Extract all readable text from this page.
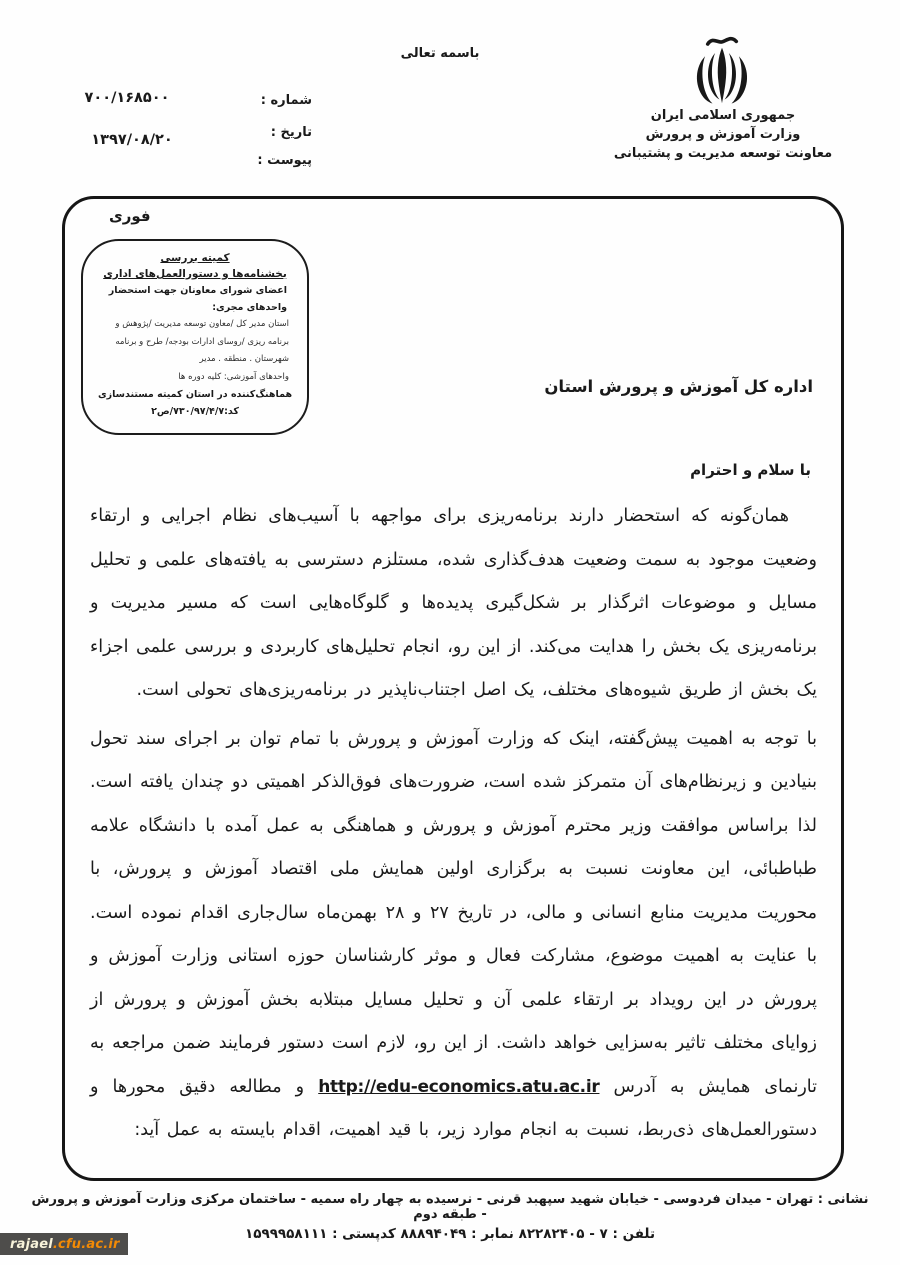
باسمه تعالی
جمهوری اسلامی ایران
وزارت آموزش و پرورش
معاونت توسعه مدیریت و پشتیبانی
شماره :
تاریخ :
پیوست :
۷۰۰/۱۶۸۵۰۰
۱۳۹۷/۰۸/۲۰
فوری
کمیته بررسی
بخشنامه‌ها و دستورالعمل‌های اداری
اعضای شورای معاونان جهت استحضار
واحدهای مجری:
استان مدیر کل /معاون توسعه مدیریت /پژوهش و
برنامه ریزی /روسای ادارات بودجه/ طرح و برنامه
شهرستان . منطقه . مدیر
واحدهای آموزشی: کلیه دوره ها
هماهنگ‌کننده در استان کمیته مستندسازی
کد:۷۳۰/۹۷/۴/۷/ص۲
اداره کل آموزش و پرورش استان
با سلام و احترام

همان‌گونه که استحضار دارند برنامه‌ریزی برای مواجهه با آسیب‌های نظام اجرایی و ارتقاء وضعیت موجود به سمت وضعیت هدف‌گذاری شده، مستلزم دسترسی به یافته‌های علمی و تحلیل مسایل و موضوعات اثرگذار بر شکل‌گیری پدیده‌ها و گلوگاه‌هایی است که مسیر مدیریت و برنامه‌ریزی یک بخش را هدایت می‌کند. از این رو، انجام تحلیل‌های کاربردی و بررسی علمی اجزاء یک بخش از طریق شیوه‌های مختلف، یک اصل اجتناب‌ناپذیر در برنامه‌ریزی‌های تحولی است.

با توجه به اهمیت پیش‌گفته، اینک که وزارت آموزش و پرورش با تمام توان بر اجرای سند تحول بنیادین و زیرنظام‌های آن متمرکز شده است، ضرورت‌های فوق‌الذکر اهمیتی دو چندان یافته است. لذا براساس موافقت وزیر محترم آموزش و پرورش و هماهنگی به عمل آمده با دانشگاه علامه طباطبائی، این معاونت نسبت به برگزاری اولین همایش ملی اقتصاد آموزش و پرورش، با محوریت مدیریت منابع انسانی و مالی، در تاریخ ۲۷ و ۲۸ بهمن‌ماه سال‌جاری اقدام نموده است. با عنایت به اهمیت موضوع، مشارکت فعال و موثر کارشناسان حوزه استانی وزارت آموزش و پرورش در این رویداد بر ارتقاء علمی آن و تحلیل مسایل مبتلابه بخش آموزش و پرورش از زوایای مختلف تاثیر به‌سزایی خواهد داشت. از این رو، لازم است دستور فرمایند ضمن مراجعه به تارنمای همایش به آدرس http://edu-economics.atu.ac.ir و مطالعه دقیق محورها و دستورالعمل‌های ذی‌ربط، نسبت به انجام موارد زیر، با قید اهمیت، اقدام بایسته به عمل آید:

نشانی : تهران - میدان فردوسی - خیابان شهید سپهبد قرنی - نرسیده به چهار راه سمیه - ساختمان مرکزی وزارت آموزش و پرورش - طبقه دوم
تلفن : ۷ - ۸۲۲۸۲۴۰۵ نمابر : ۸۸۸۹۴۰۴۹ کدپستی : ۱۵۹۹۹۵۸۱۱۱
rajael .cfu.ac.ir
